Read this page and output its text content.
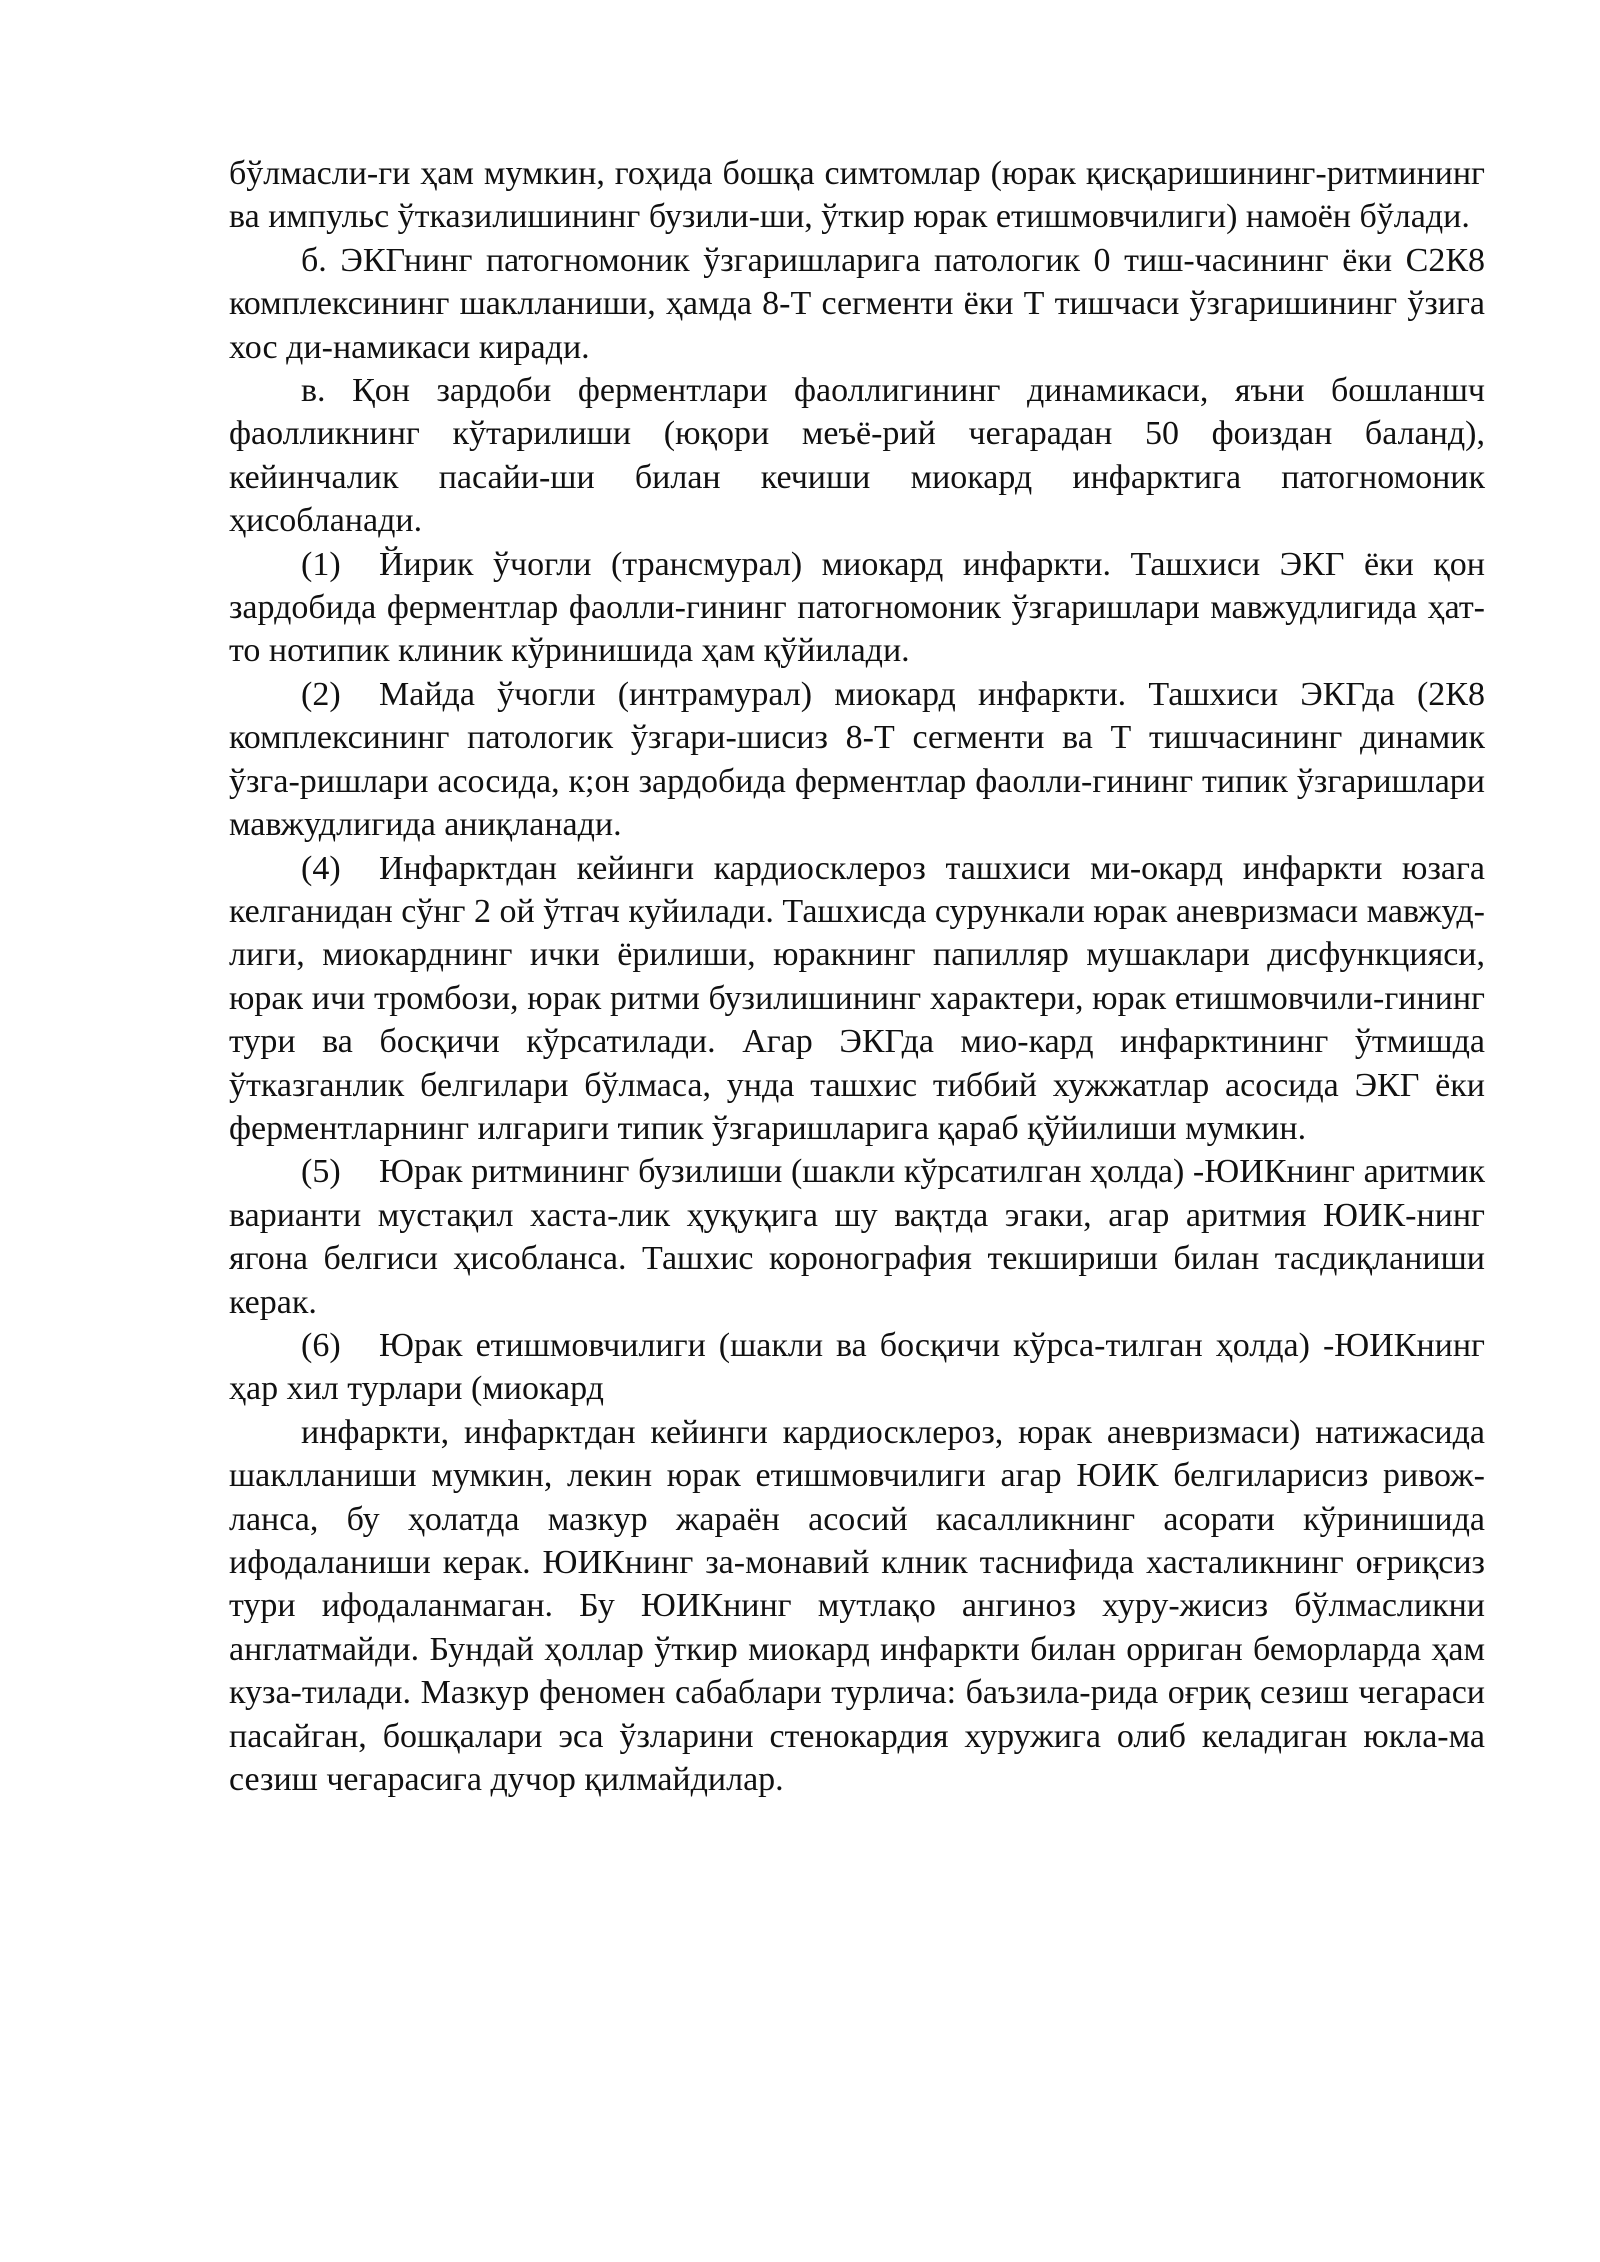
бўлмасли-ги ҳам мумкин, гоҳида бошқа симтомлар (юрак қисқаришининг-ритмининг ва импульс ўтказилишининг бузили-ши, ўткир юрак етишмовчилиги) намоён бўлади.

б. ЭКГнинг патогномоник ўзгаришларига патологик 0 тиш-часининг ёки С2К8 комплексининг шаклланиши, ҳамда 8-Т сегменти ёки Т тишчаси ўзгаришининг ўзига хос ди-намикаси киради.

в. Қон зардоби ферментлари фаоллигининг динамикаси, яъни бошланшч фаолликнинг кўтарилиши (юқори меъё-рий чегарадан 50 фоиздан баланд), кейинчалик пасайи-ши билан кечиши миокард инфарктига патогномоник ҳисобланади.

(1) Йирик ўчогли (трансмурал) миокард инфаркти. Ташхиси ЭКГ ёки қон зардобида ферментлар фаолли-гининг патогномоник ўзгаришлари мавжудлигида ҳат-то нотипик клиник кўринишида ҳам қўйилади.

(2) Майда ўчогли (интрамурал) миокард инфаркти. Ташхиси ЭКГда (2К8 комплексининг патологик ўзгари-шисиз 8-Т сегменти ва Т тишчасининг динамик ўзга-ришлари асосида, к;он зардобида ферментлар фаолли-гининг типик ўзгаришлари мавжудлигида аниқланади.

(4) Инфарктдан кейинги кардиосклероз ташхиси ми-окард инфаркти юзага келганидан сўнг 2 ой ўтгач куйилади. Ташхисда сурункали юрак аневризмаси мавжуд-лиги, миокарднинг ички ёрилиши, юракнинг папилляр мушаклари дисфункцияси, юрак ичи тромбози, юрак ритми бузилишининг характери, юрак етишмовчили-гининг тури ва босқичи кўрсатилади. Агар ЭКГда мио-кард инфарктининг ўтмишда ўтказганлик белгилари бўлмаса, унда ташхис тиббий хужжатлар асосида ЭКГ ёки ферментларнинг илгариги типик ўзгаришларига қараб қўйилиши мумкин.

(5) Юрак ритмининг бузилиши (шакли кўрсатилган ҳолда) -ЮИКнинг аритмик варианти мустақил хаста-лик ҳуқуқига шу вақтда эгаки, агар аритмия ЮИК-нинг ягона белгиси ҳисобланса. Ташхис коронография текшириши билан тасдиқланиши керак.

(6) Юрак етишмовчилиги (шакли ва босқичи кўрса-тилган ҳолда) -ЮИКнинг ҳар хил турлари (миокард

инфаркти, инфарктдан кейинги кардиосклероз, юрак аневризмаси) натижасида шаклланиши мумкин, лекин юрак етишмовчилиги агар ЮИК белгиларисиз ривож-ланса, бу ҳолатда мазкур жараён асосий касалликнинг асорати кўринишида ифодаланиши керак. ЮИКнинг за-монавий клник таснифида хасталикнинг оғриқсиз тури ифодаланмаган. Бу ЮИКнинг мутлақо ангиноз хуру-жисиз бўлмасликни англатмайди. Бундай ҳоллар ўткир миокард инфаркти билан орриган беморларда ҳам куза-тилади. Мазкур феномен сабаблари турлича: баъзила-рида оғриқ сезиш чегараси пасайган, бошқалари эса ўзларини стенокардия хуружига олиб келадиган юкла-ма сезиш чегарасига дучор қилмайдилар.
